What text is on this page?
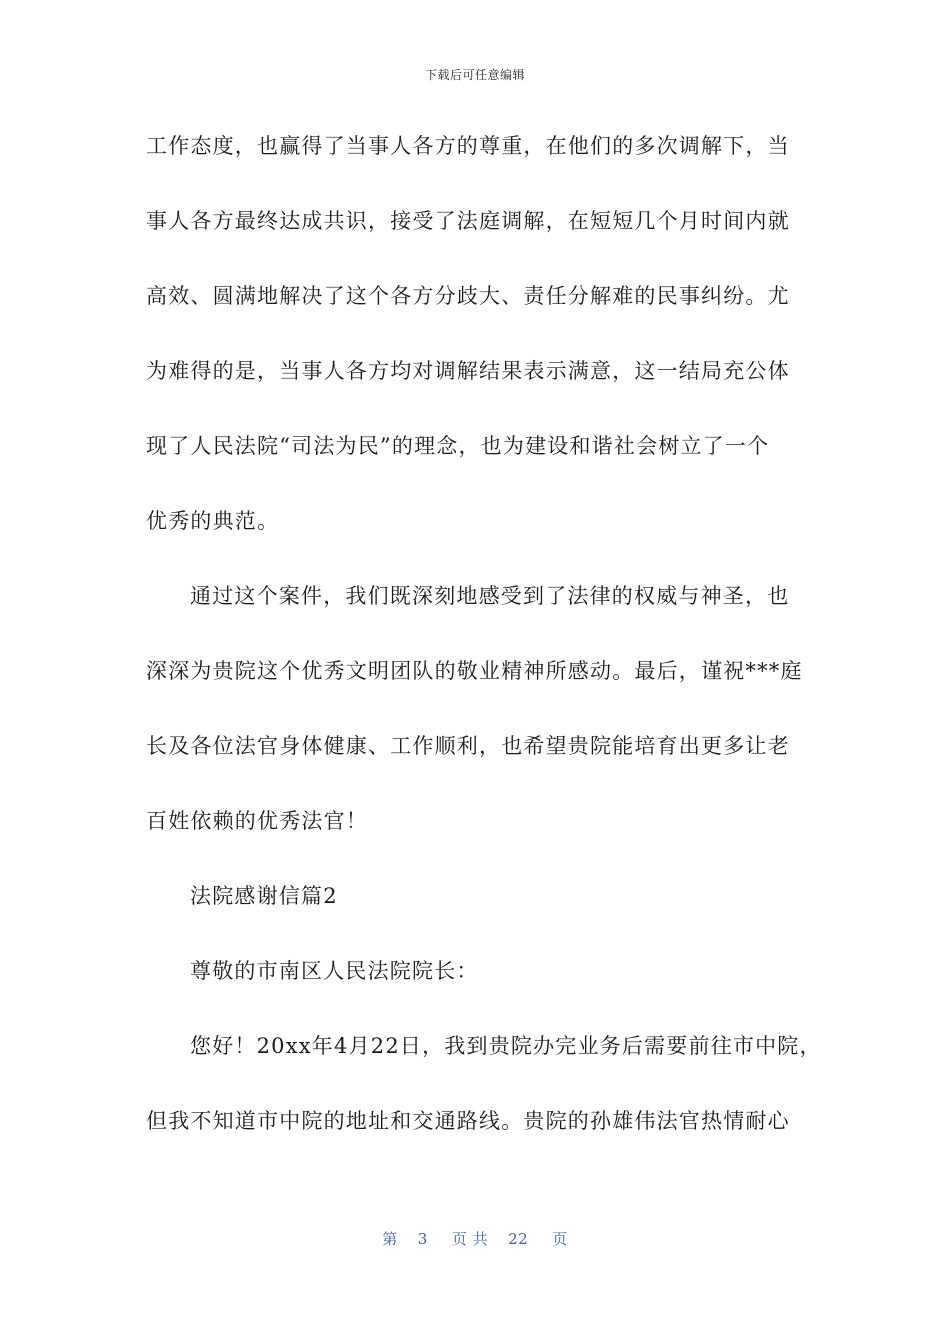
下载后可任意编辑
工作态度，也赢得了当事人各方的尊重，在他们的多次调解下，当
事人各方最终达成共识，接受了法庭调解，在短短几个月时间内就
高效、圆满地解决了这个各方分歧大、责任分解难的民事纠纷。尤
为难得的是，当事人各方均对调解结果表示满意，这一结局充公体
现了人民法院“司法为民”的理念，也为建设和谐社会树立了一个
优秀的典范。
通过这个案件，我们既深刻地感受到了法律的权威与神圣，也
深深为贵院这个优秀文明团队的敬业精神所感动。最后，谨祝***庭
长及各位法官身体健康、工作顺利，也希望贵院能培育出更多让老
百姓依赖的优秀法官！
法院感谢信篇2
尊敬的市南区人民法院院长：
您好！20xx年4月22日，我到贵院办完业务后需要前往市中院，
但我不知道市中院的地址和交通路线。贵院的孙雄伟法官热情耐心
第 3 页 共 22 页
